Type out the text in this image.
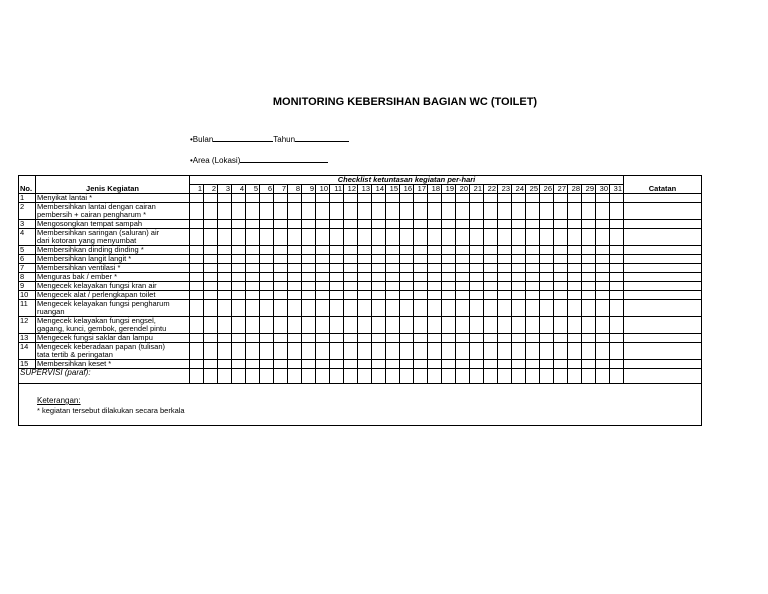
MONITORING KEBERSIHAN BAGIAN WC (TOILET)
•Bulan	Tahun
•Area (Lokasi)
		Checklist ketuntasan kegiatan per-hari																															
No.	Jenis Kegiatan	1	2	3	4	5	6	7	8	9	10	11	12	13	14	15	16	17	18	19	20	21	22	23	24	25	26	27	28	29	30	31	Catatan
1	Menyikat lantai *																																

2	Membersihkan lantai dengan cairan
pembersih + cairan pengharum *																																

3	Mengosongkan tempat sampah																																

4	Membersihkan saringan (saluran) air
dari kotoran yang menyumbat																																

5	Membersihkan dinding dinding *																																

6	Membersihkan langit langit *																																

7	Membersihkan ventilasi *																																

8	Menguras bak / ember *																																

9	Mengecek kelayakan fungsi kran air																																

10	Mengecek alat / perlengkapan toilet																																

11	Mengecek kelayakan fungsi pengharum
ruangan																																

12	Mengecek kelayakan fungsi engsel,
gagang, kunci, gembok, gerendel pintu																																

13	Mengecek fungsi saklar dan lampu																																

14	Mengecek keberadaan papan (tulisan)
tata tertib & peringatan																																

15	Membersihkan keset *																																

SUPERVISI (paraf):																																	

Keterangan:
* kegiatan tersebut dilakukan secara berkala																																	
